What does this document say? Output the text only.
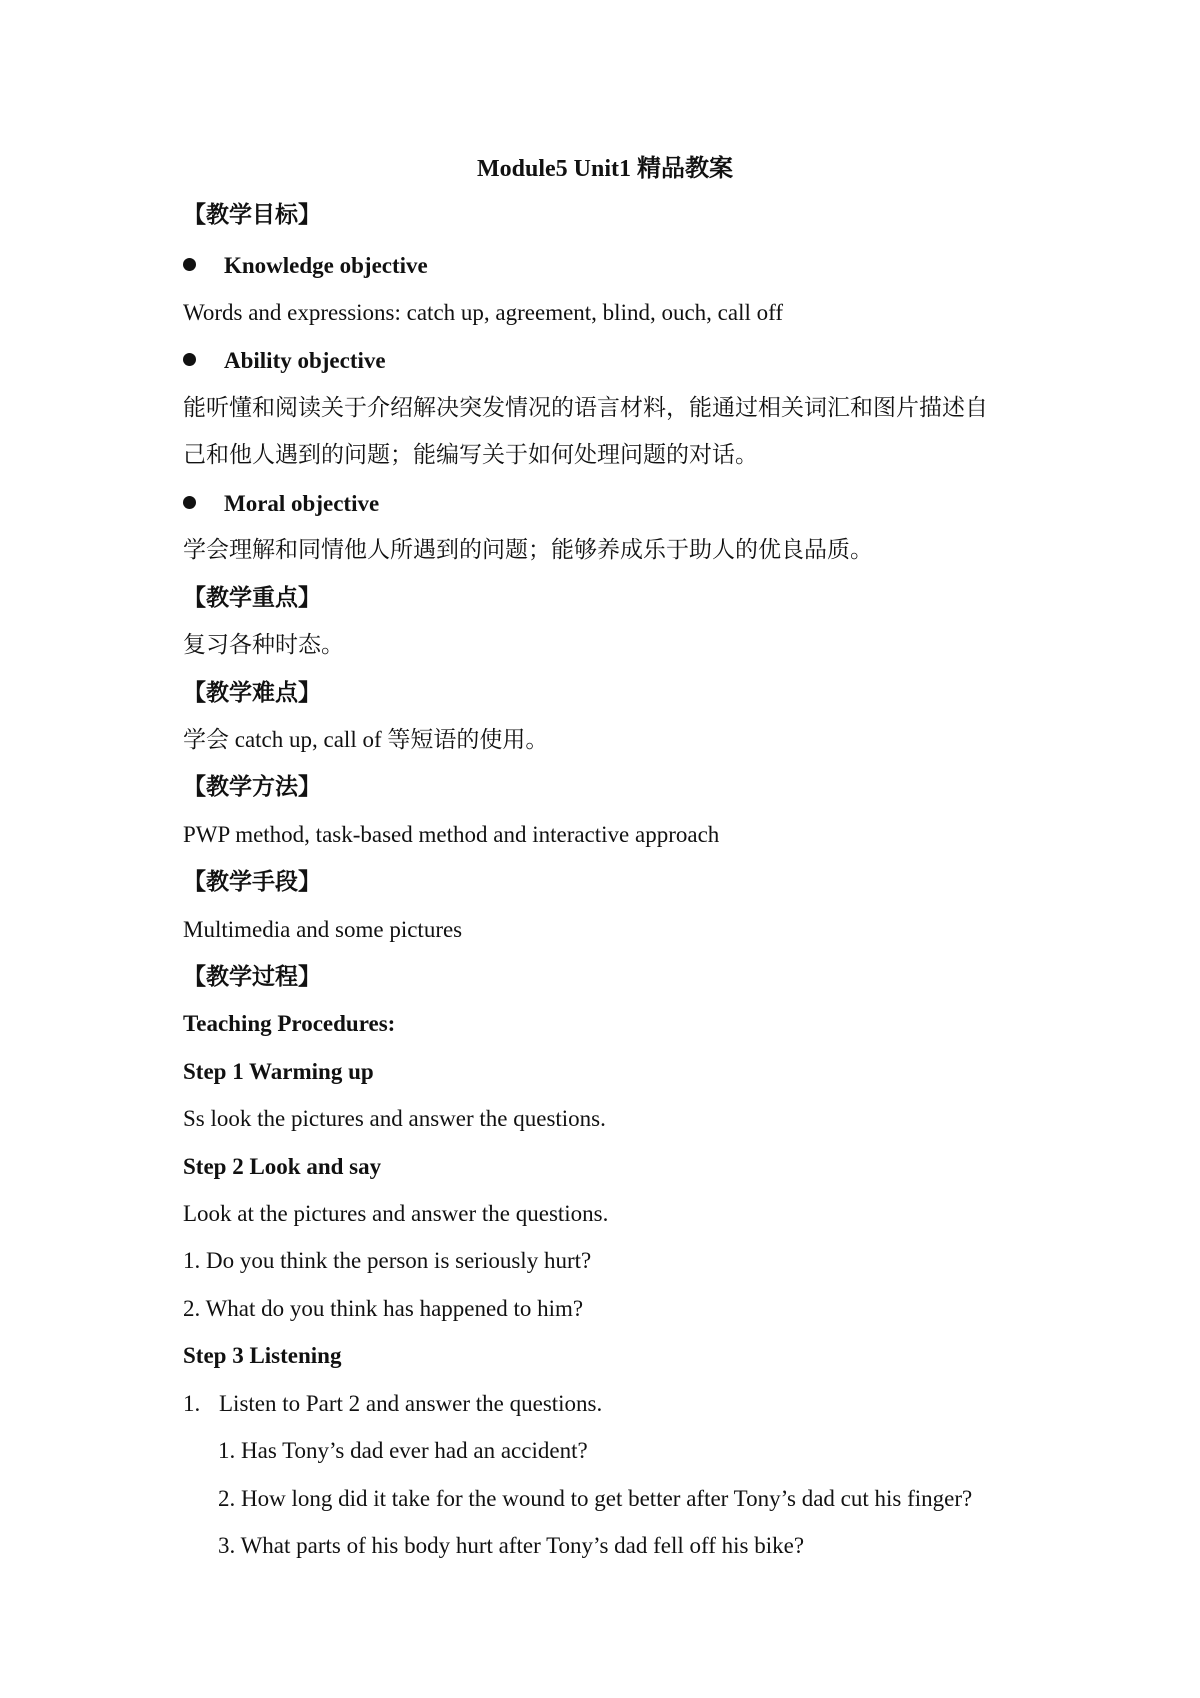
Module5 Unit1 精品教案
【教学目标】
Knowledge objective
Words and expressions: catch up, agreement, blind, ouch, call off
Ability objective
能听懂和阅读关于介绍解决突发情况的语言材料，能通过相关词汇和图片描述自
己和他人遇到的问题；能编写关于如何处理问题的对话。
Moral objective
学会理解和同情他人所遇到的问题；能够养成乐于助人的优良品质。
【教学重点】
复习各种时态。
【教学难点】
学会 catch up, call of 等短语的使用。
【教学方法】
PWP method, task-based method and interactive approach
【教学手段】
Multimedia and some pictures
【教学过程】
Teaching Procedures:
Step 1 Warming up
Ss look the pictures and answer the questions.
Step 2 Look and say
Look at the pictures and answer the questions.
1. Do you think the person is seriously hurt?
2. What do you think has happened to him?
Step 3 Listening
1. Listen to Part 2 and answer the questions.
1. Has Tony’s dad ever had an accident?
2. How long did it take for the wound to get better after Tony’s dad cut his finger?
3. What parts of his body hurt after Tony’s dad fell off his bike?
